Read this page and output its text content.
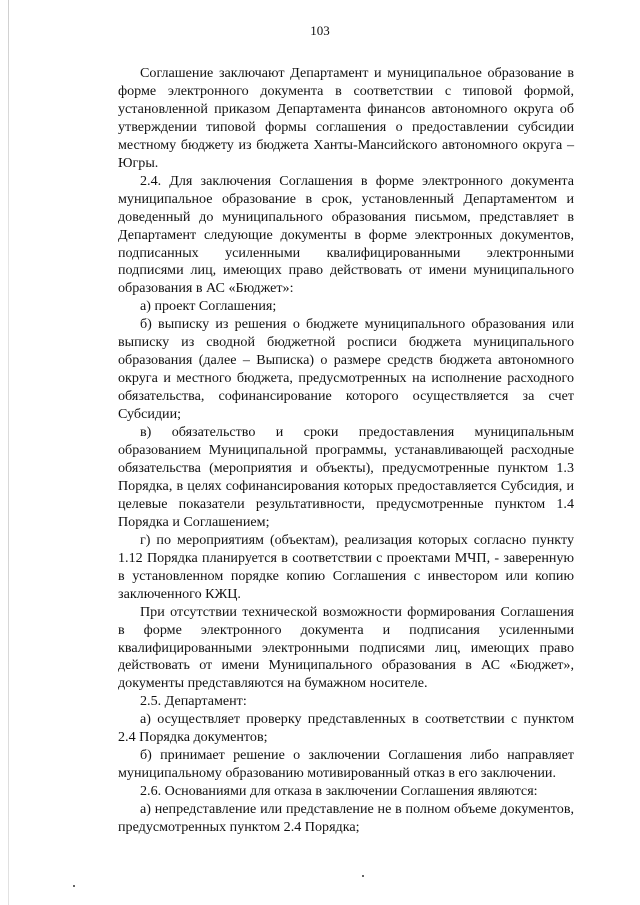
103

Соглашение заключают Департамент и муниципальное образование в форме электронного документа в соответствии с типовой формой, установленной приказом Департамента финансов автономного округа об утверждении типовой формы соглашения о предоставлении субсидии местному бюджету из бюджета Ханты-Мансийского автономного округа – Югры.

2.4. Для заключения Соглашения в форме электронного документа муниципальное образование в срок, установленный Департаментом и доведенный до муниципального образования письмом, представляет в Департамент следующие документы в форме электронных документов, подписанных усиленными квалифицированными электронными подписями лиц, имеющих право действовать от имени муниципального образования в АС «Бюджет»:

а) проект Соглашения;

б) выписку из решения о бюджете муниципального образования или выписку из сводной бюджетной росписи бюджета муниципального образования (далее – Выписка) о размере средств бюджета автономного округа и местного бюджета, предусмотренных на исполнение расходного обязательства, софинансирование которого осуществляется за счет Субсидии;

в) обязательство и сроки предоставления муниципальным образованием Муниципальной программы, устанавливающей расходные обязательства (мероприятия и объекты), предусмотренные пунктом 1.3 Порядка, в целях софинансирования которых предоставляется Субсидия, и целевые показатели результативности, предусмотренные пунктом 1.4 Порядка и Соглашением;

г) по мероприятиям (объектам), реализация которых согласно пункту 1.12 Порядка планируется в соответствии с проектами МЧП, - заверенную в установленном порядке копию Соглашения с инвестором или копию заключенного КЖЦ.

При отсутствии технической возможности формирования Соглашения в форме электронного документа и подписания усиленными квалифицированными электронными подписями лиц, имеющих право действовать от имени Муниципального образования в АС «Бюджет», документы представляются на бумажном носителе.

2.5. Департамент:

а) осуществляет проверку представленных в соответствии с пунктом 2.4 Порядка документов;

б) принимает решение о заключении Соглашения либо направляет муниципальному образованию мотивированный отказ в его заключении.

2.6. Основаниями для отказа в заключении Соглашения являются:

а) непредставление или представление не в полном объеме документов, предусмотренных пунктом 2.4 Порядка;
